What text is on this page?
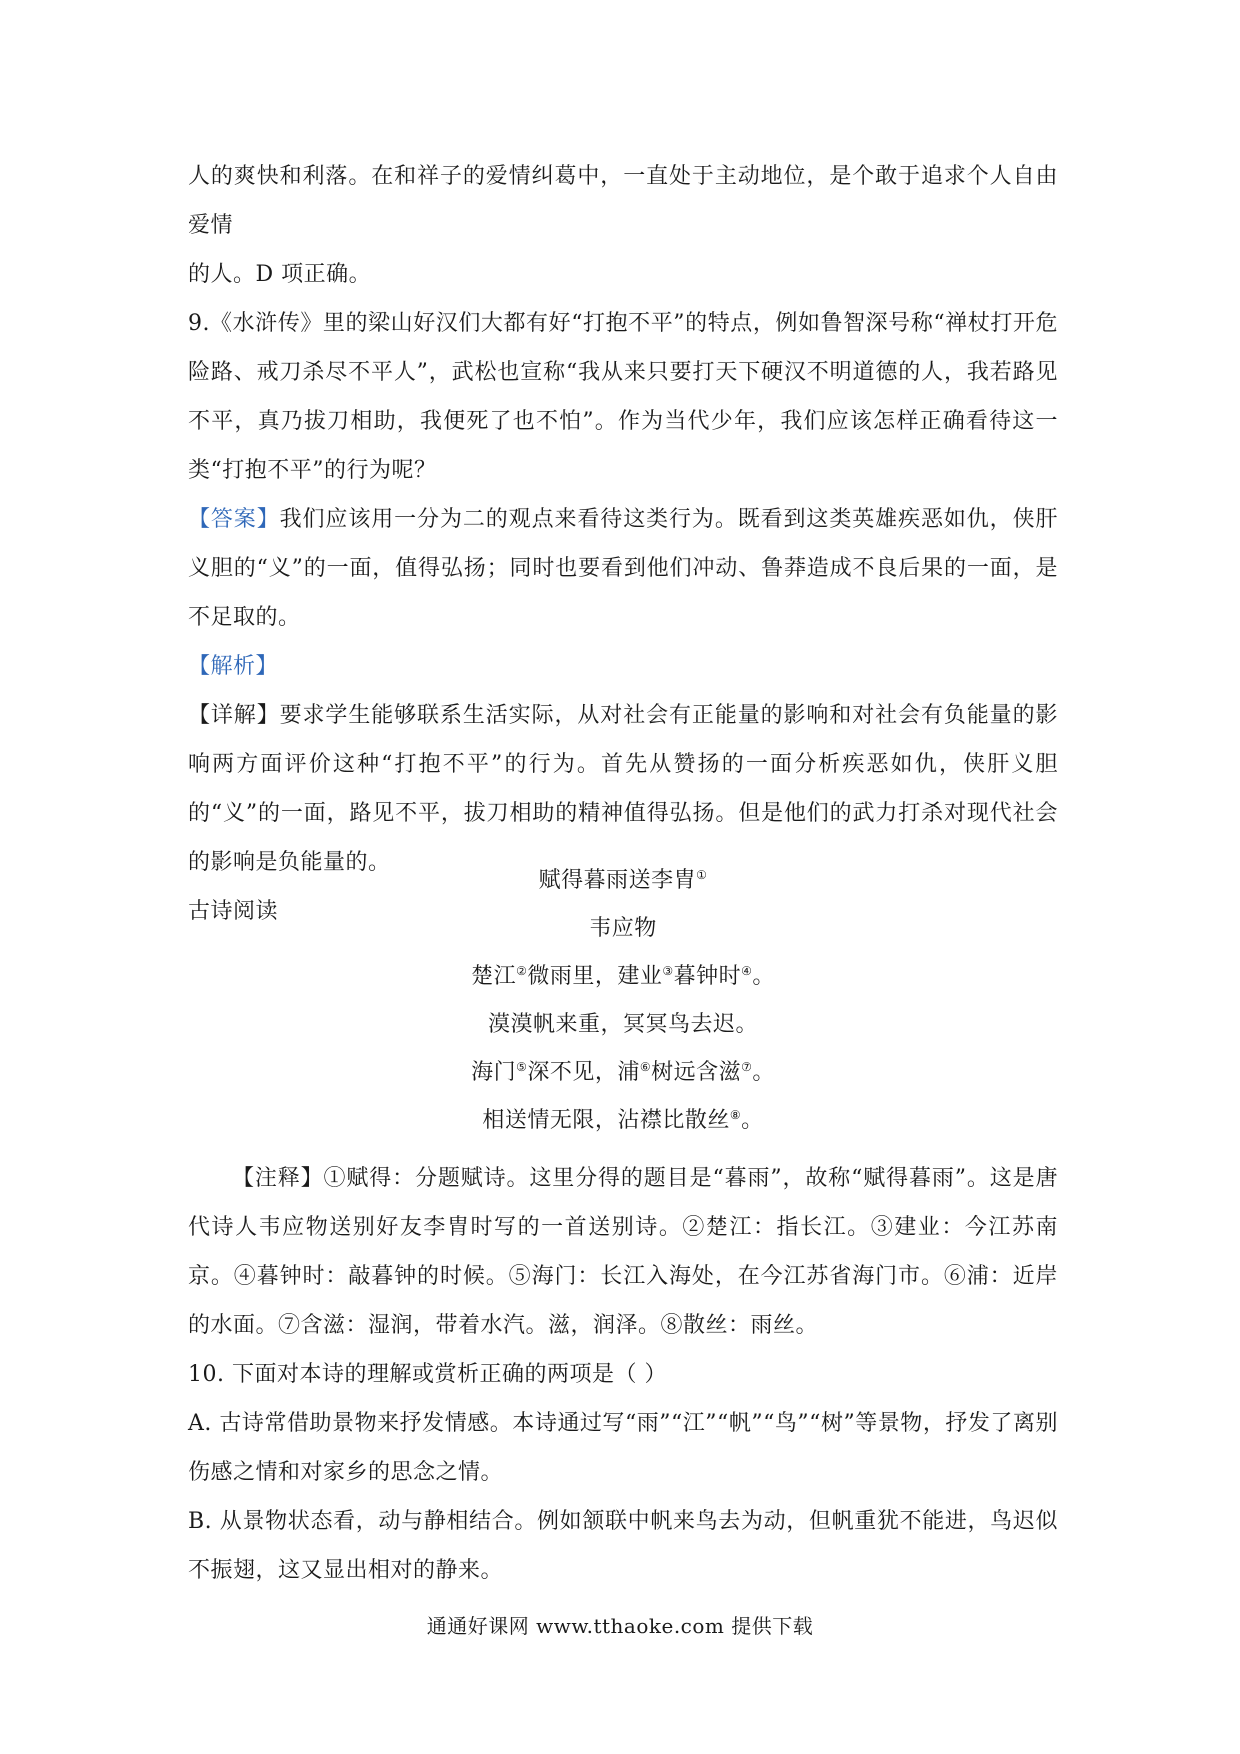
人的爽快和利落。在和祥子的爱情纠葛中，一直处于主动地位，是个敢于追求个人自由爱情
的人。D 项正确。

9.《水浒传》里的梁山好汉们大都有好“打抱不平”的特点，例如鲁智深号称“禅杖打开危险路、戒刀杀尽不平人”，武松也宣称“我从来只要打天下硬汉不明道德的人，我若路见不平，真乃拔刀相助，我便死了也不怕”。作为当代少年，我们应该怎样正确看待这一类“打抱不平”的行为呢？

【答案】我们应该用一分为二的观点来看待这类行为。既看到这类英雄疾恶如仇，侠肝义胆的“义”的一面，值得弘扬；同时也要看到他们冲动、鲁莽造成不良后果的一面，是不足取的。

【解析】

【详解】要求学生能够联系生活实际，从对社会有正能量的影响和对社会有负能量的影响两方面评价这种“打抱不平”的行为。首先从赞扬的一面分析疾恶如仇，侠肝义胆的“义”的一面，路见不平，拔刀相助的精神值得弘扬。但是他们的武力打杀对现代社会的影响是负能量的。

古诗阅读

赋得暮雨送李胄①

韦应物

楚江②微雨里，建业③暮钟时④。

漠漠帆来重，冥冥鸟去迟。

海门⑤深不见，浦⑥树远含滋⑦。

相送情无限，沾襟比散丝⑧。

【注释】①赋得：分题赋诗。这里分得的题目是“暮雨”，故称“赋得暮雨”。这是唐代诗人韦应物送别好友李胄时写的一首送别诗。②楚江：指长江。③建业：今江苏南京。④暮钟时：敲暮钟的时候。⑤海门：长江入海处，在今江苏省海门市。⑥浦：近岸的水面。⑦含滋：湿润，带着水汽。滋，润泽。⑧散丝：雨丝。

10. 下面对本诗的理解或赏析正确的两项是（ ）

A. 古诗常借助景物来抒发情感。本诗通过写“雨”“江”“帆”“鸟”“树”等景物，抒发了离别伤感之情和对家乡的思念之情。

B. 从景物状态看，动与静相结合。例如颔联中帆来鸟去为动，但帆重犹不能进，鸟迟似不振翅，这又显出相对的静来。

通通好课网 www.tthaoke.com 提供下载
